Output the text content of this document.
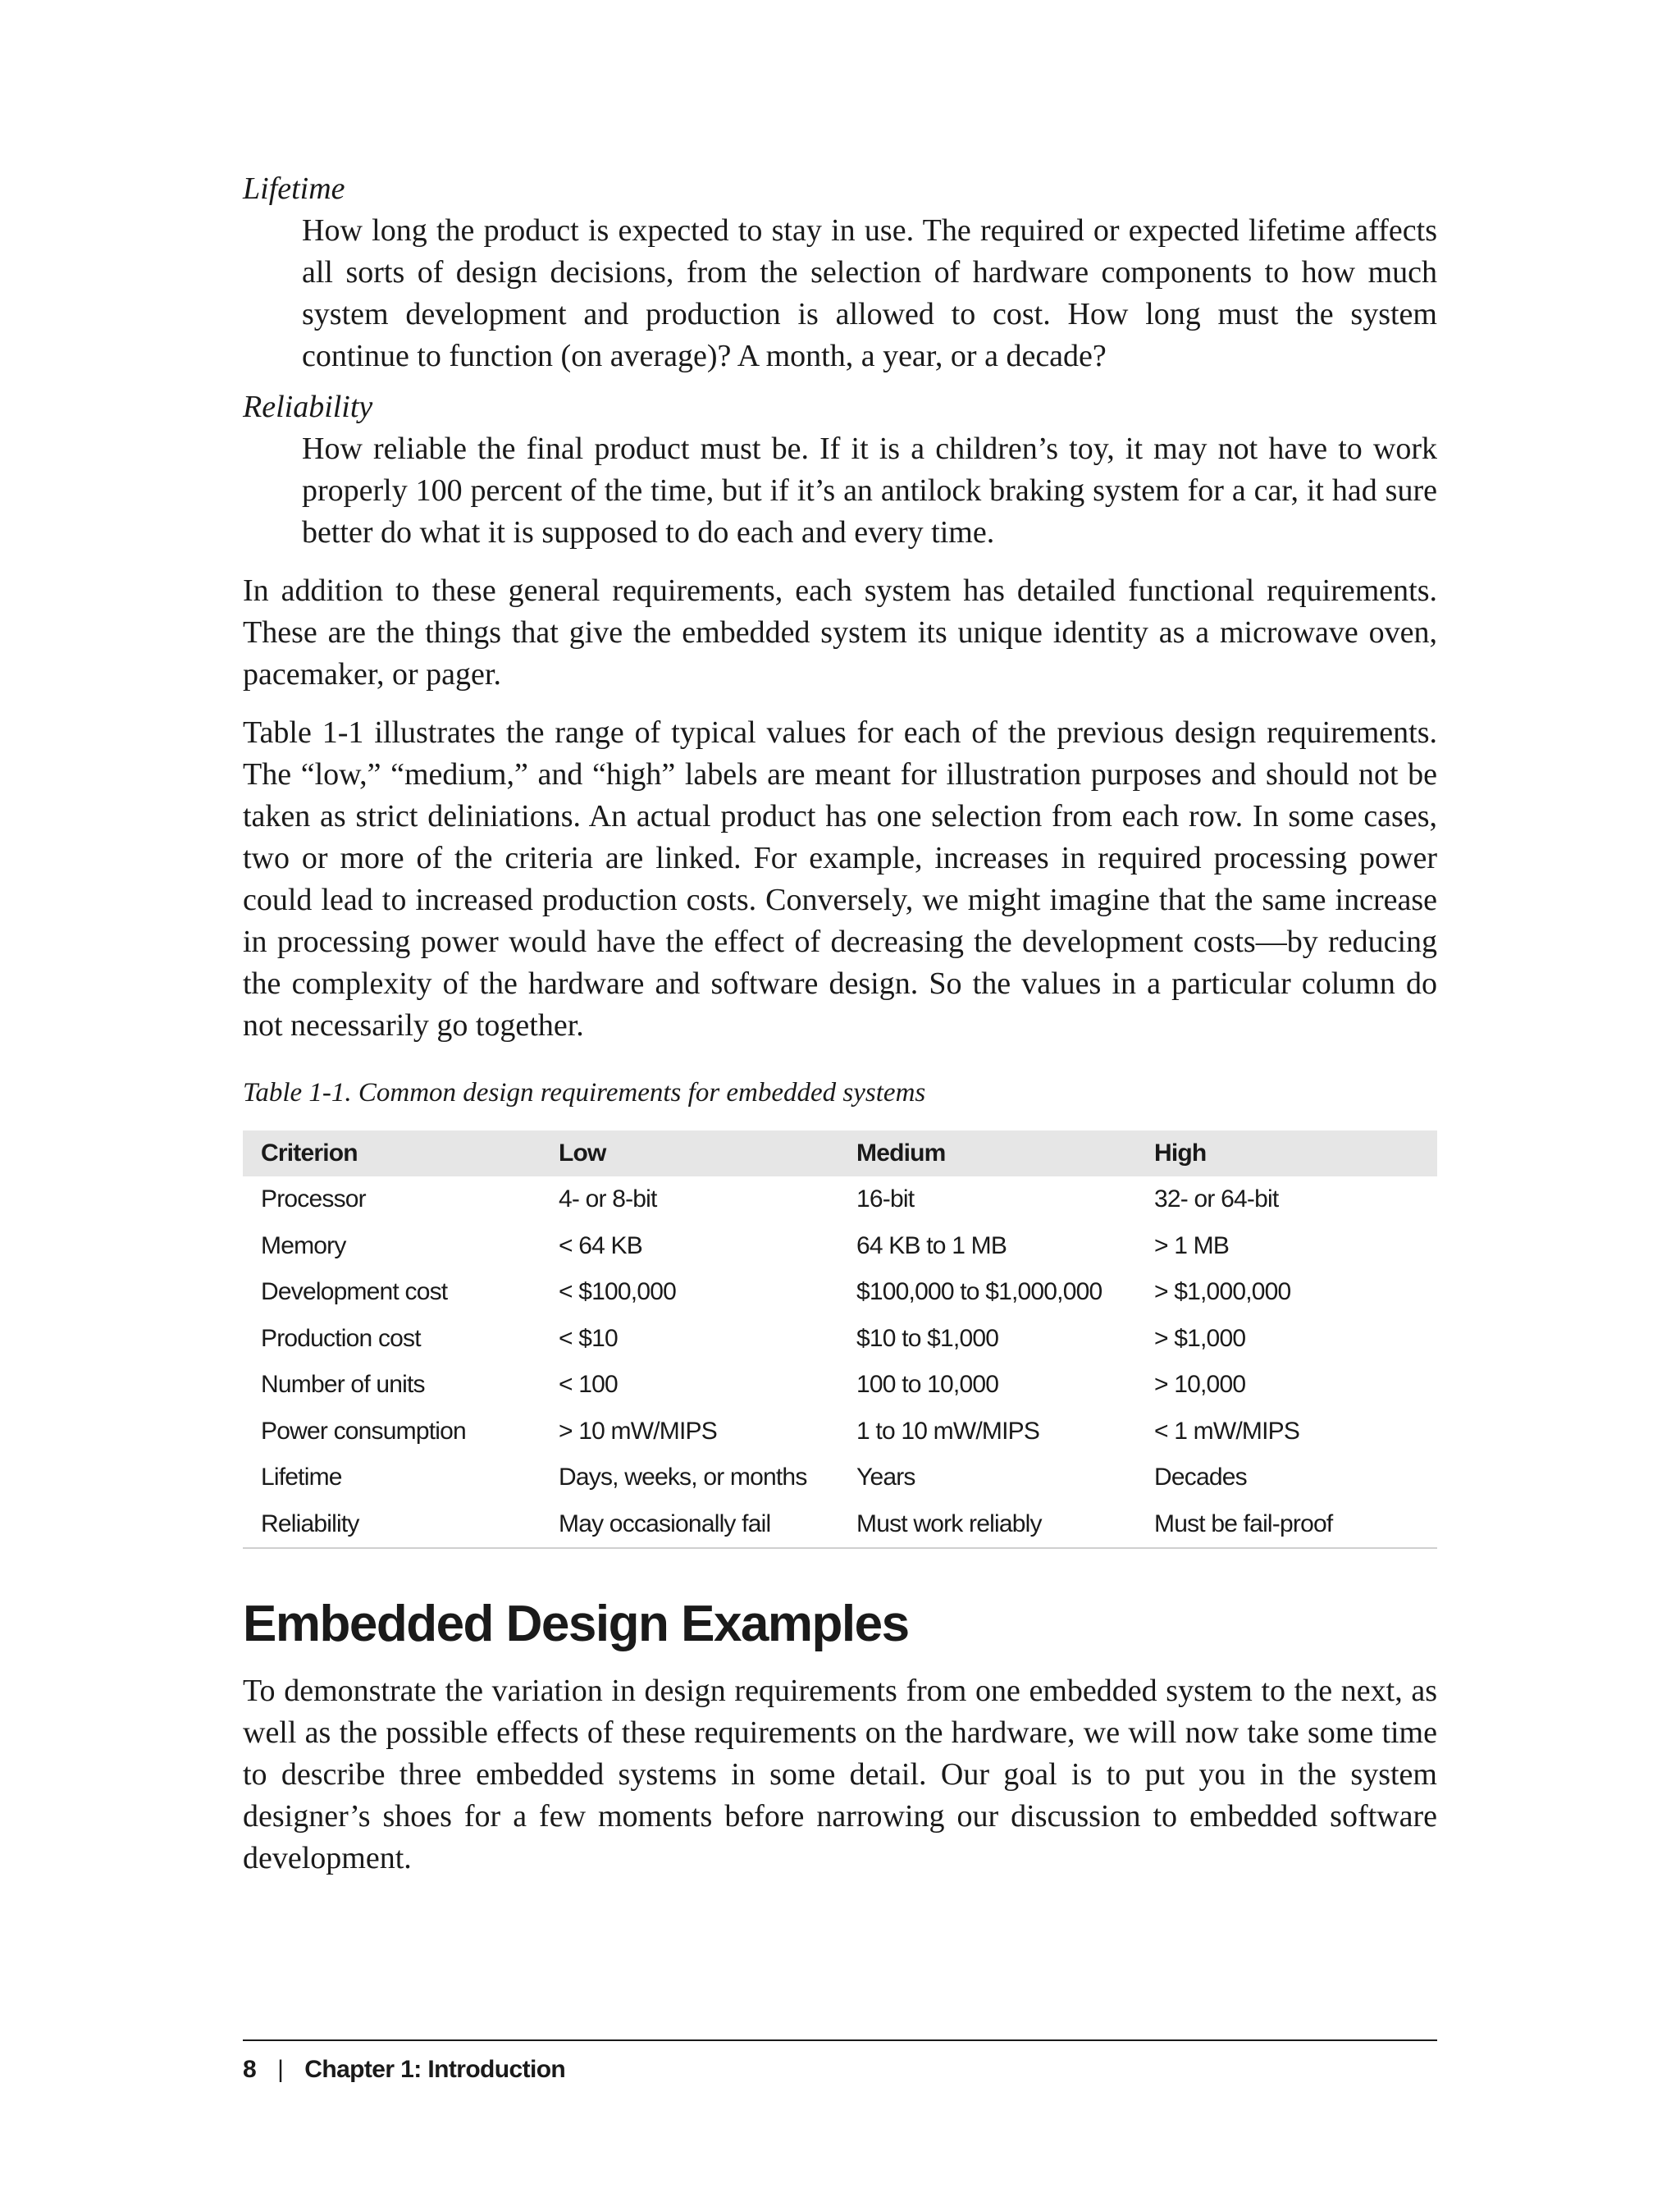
Lifetime

How long the product is expected to stay in use. The required or expected lifetime affects all sorts of design decisions, from the selection of hardware components to how much system development and production is allowed to cost. How long must the system continue to function (on average)? A month, a year, or a decade?

Reliability

How reliable the final product must be. If it is a children’s toy, it may not have to work properly 100 percent of the time, but if it’s an antilock braking system for a car, it had sure better do what it is supposed to do each and every time.

In addition to these general requirements, each system has detailed functional requirements. These are the things that give the embedded system its unique identity as a microwave oven, pacemaker, or pager.

Table 1-1 illustrates the range of typical values for each of the previous design requirements. The “low,” “medium,” and “high” labels are meant for illustration purposes and should not be taken as strict deliniations. An actual product has one selection from each row. In some cases, two or more of the criteria are linked. For example, increases in required processing power could lead to increased production costs. Conversely, we might imagine that the same increase in processing power would have the effect of decreasing the development costs—by reducing the complexity of the hardware and software design. So the values in a particular column do not necessarily go together.

Table 1-1. Common design requirements for embedded systems

Criterion	Low	Medium	High
Processor	4- or 8-bit	16-bit	32- or 64-bit
Memory	< 64 KB	64 KB to 1 MB	> 1 MB
Development cost	< $100,000	$100,000 to $1,000,000	> $1,000,000
Production cost	< $10	$10 to $1,000	> $1,000
Number of units	< 100	100 to 10,000	> 10,000
Power consumption	> 10 mW/MIPS	1 to 10 mW/MIPS	< 1 mW/MIPS
Lifetime	Days, weeks, or months	Years	Decades
Reliability	May occasionally fail	Must work reliably	Must be fail-proof
Embedded Design Examples

To demonstrate the variation in design requirements from one embedded system to the next, as well as the possible effects of these requirements on the hardware, we will now take some time to describe three embedded systems in some detail. Our goal is to put you in the system designer’s shoes for a few moments before narrowing our discussion to embedded software development.

8 | Chapter 1: Introduction
